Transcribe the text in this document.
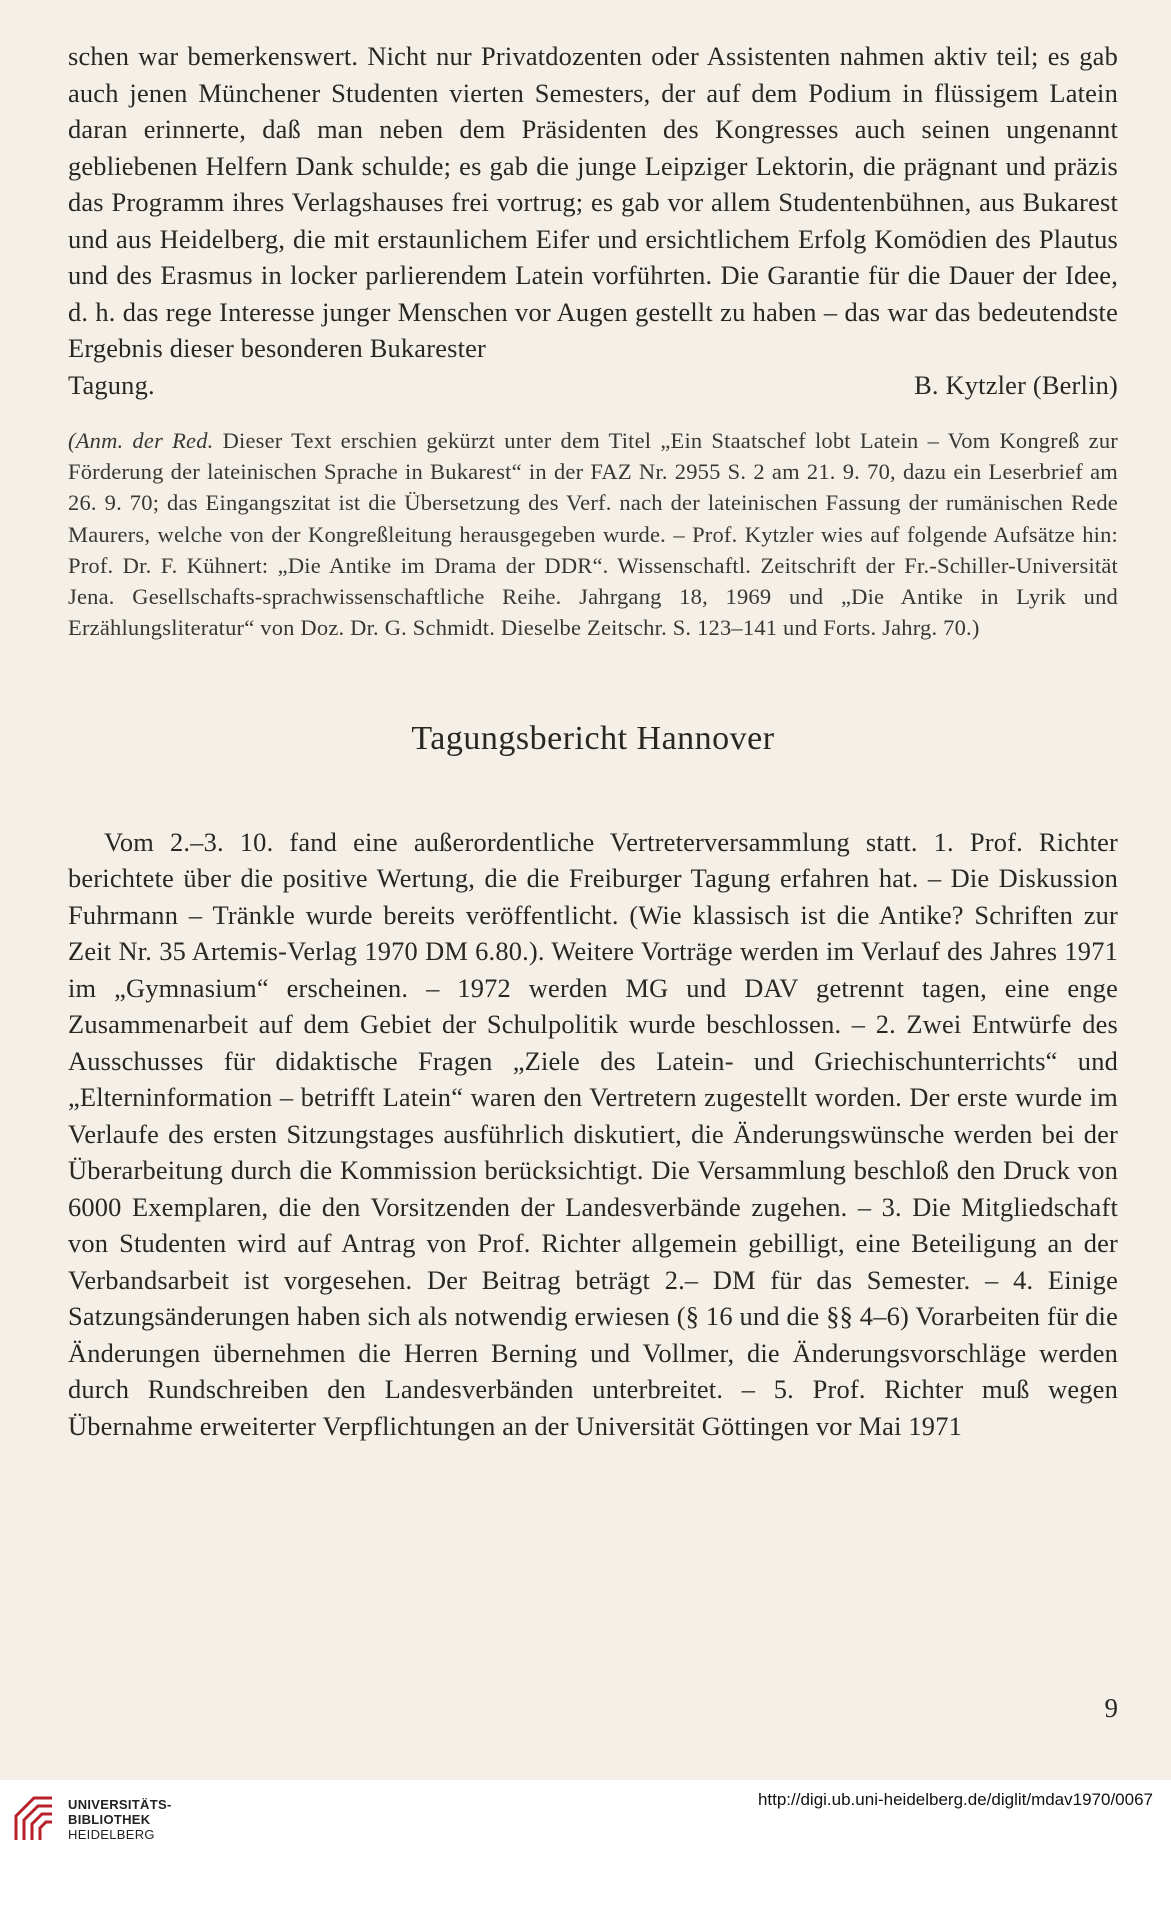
schen war bemerkenswert. Nicht nur Privatdozenten oder Assistenten nahmen aktiv teil; es gab auch jenen Münchener Studenten vierten Semesters, der auf dem Podium in flüssigem Latein daran erinnerte, daß man neben dem Präsidenten des Kongresses auch seinen ungenannt gebliebenen Helfern Dank schulde; es gab die junge Leipziger Lektorin, die prägnant und präzis das Programm ihres Verlagshauses frei vortrug; es gab vor allem Studentenbühnen, aus Bukarest und aus Heidelberg, die mit erstaunlichem Eifer und ersichtlichem Erfolg Komödien des Plautus und des Erasmus in locker parlierendem Latein vorführten. Die Garantie für die Dauer der Idee, d. h. das rege Interesse junger Menschen vor Augen gestellt zu haben – das war das bedeutendste Ergebnis dieser besonderen Bukarester

Tagung.	B. Kytzler (Berlin)
(Anm. der Red. Dieser Text erschien gekürzt unter dem Titel „Ein Staatschef lobt Latein – Vom Kongreß zur Förderung der lateinischen Sprache in Bukarest“ in der FAZ Nr. 2955 S. 2 am 21. 9. 70, dazu ein Leserbrief am 26. 9. 70; das Eingangszitat ist die Übersetzung des Verf. nach der lateinischen Fassung der rumänischen Rede Maurers, welche von der Kongreßleitung herausgegeben wurde. – Prof. Kytzler wies auf folgende Aufsätze hin: Prof. Dr. F. Kühnert: „Die Antike im Drama der DDR“. Wissenschaftl. Zeitschrift der Fr.-Schiller-Universität Jena. Gesellschafts-sprachwissenschaftliche Reihe. Jahrgang 18, 1969 und „Die Antike in Lyrik und Erzählungsliteratur“ von Doz. Dr. G. Schmidt. Dieselbe Zeitschr. S. 123–141 und Forts. Jahrg. 70.)
Tagungsbericht Hannover

Vom 2.–3. 10. fand eine außerordentliche Vertreterversammlung statt. 1. Prof. Richter berichtete über die positive Wertung, die die Freiburger Tagung erfahren hat. – Die Diskussion Fuhrmann – Tränkle wurde bereits veröffentlicht. (Wie klassisch ist die Antike? Schriften zur Zeit Nr. 35 Artemis-Verlag 1970 DM 6.80.). Weitere Vorträge werden im Verlauf des Jahres 1971 im „Gymnasium“ erscheinen. – 1972 werden MG und DAV getrennt tagen, eine enge Zusammenarbeit auf dem Gebiet der Schulpolitik wurde beschlossen. – 2. Zwei Entwürfe des Ausschusses für didaktische Fragen „Ziele des Latein- und Griechischunterrichts“ und „Elterninformation – betrifft Latein“ waren den Vertretern zugestellt worden. Der erste wurde im Verlaufe des ersten Sitzungstages ausführlich diskutiert, die Änderungswünsche werden bei der Überarbeitung durch die Kommission berücksichtigt. Die Versammlung beschloß den Druck von 6000 Exemplaren, die den Vorsitzenden der Landesverbände zugehen. – 3. Die Mitgliedschaft von Studenten wird auf Antrag von Prof. Richter allgemein gebilligt, eine Beteiligung an der Verbandsarbeit ist vorgesehen. Der Beitrag beträgt 2.– DM für das Semester. – 4. Einige Satzungsänderungen haben sich als notwendig erwiesen (§ 16 und die §§ 4–6) Vorarbeiten für die Änderungen übernehmen die Herren Berning und Vollmer, die Änderungsvorschläge werden durch Rundschreiben den Landesverbänden unterbreitet. – 5. Prof. Richter muß wegen Übernahme erweiterter Verpflichtungen an der Universität Göttingen vor Mai 1971

9
UNIVERSITÄTS-
BIBLIOTHEK
HEIDELBERG
http://digi.ub.uni-heidelberg.de/diglit/mdav1970/0067
